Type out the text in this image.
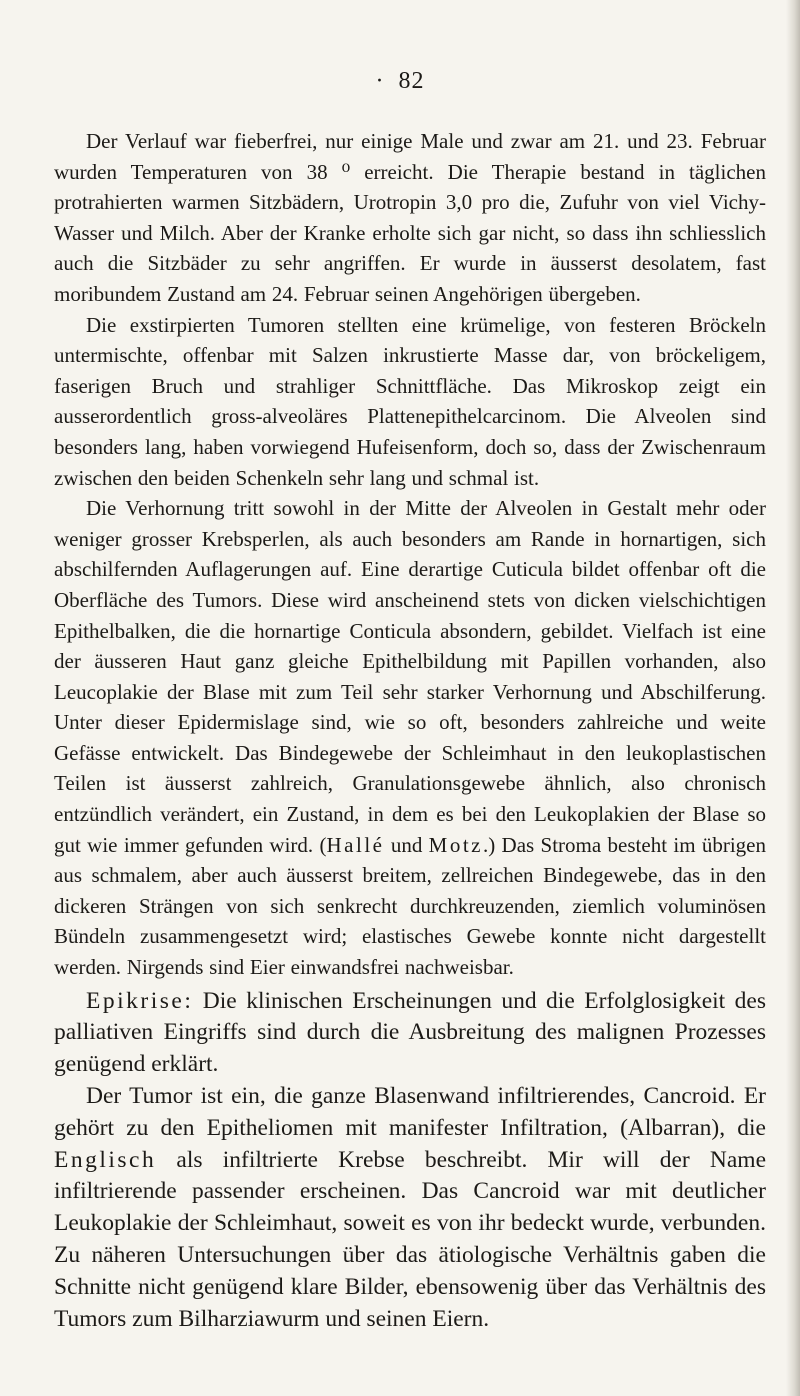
· 82

Der Verlauf war fieberfrei, nur einige Male und zwar am 21. und 23. Februar wurden Temperaturen von 38 ⁰ erreicht. Die Therapie bestand in täglichen protrahierten warmen Sitzbädern, Urotropin 3,0 pro die, Zufuhr von viel Vichy-Wasser und Milch. Aber der Kranke erholte sich gar nicht, so dass ihn schliesslich auch die Sitzbäder zu sehr angriffen. Er wurde in äusserst desolatem, fast moribundem Zustand am 24. Februar seinen Angehörigen übergeben.

Die exstirpierten Tumoren stellten eine krümelige, von festeren Bröckeln untermischte, offenbar mit Salzen inkrustierte Masse dar, von bröckeligem, faserigen Bruch und strahliger Schnittfläche. Das Mikroskop zeigt ein ausserordentlich gross-alveoläres Plattenepithelcarcinom. Die Alveolen sind besonders lang, haben vorwiegend Hufeisenform, doch so, dass der Zwischenraum zwischen den beiden Schenkeln sehr lang und schmal ist.

Die Verhornung tritt sowohl in der Mitte der Alveolen in Gestalt mehr oder weniger grosser Krebsperlen, als auch besonders am Rande in hornartigen, sich abschilfernden Auflagerungen auf. Eine derartige Cuticula bildet offenbar oft die Oberfläche des Tumors. Diese wird anscheinend stets von dicken vielschichtigen Epithelbalken, die die hornartige Conticula absondern, gebildet. Vielfach ist eine der äusseren Haut ganz gleiche Epithelbildung mit Papillen vorhanden, also Leucoplakie der Blase mit zum Teil sehr starker Verhornung und Abschilferung. Unter dieser Epidermislage sind, wie so oft, besonders zahlreiche und weite Gefässe entwickelt. Das Bindegewebe der Schleimhaut in den leukoplastischen Teilen ist äusserst zahlreich, Granulationsgewebe ähnlich, also chronisch entzündlich verändert, ein Zustand, in dem es bei den Leukoplakien der Blase so gut wie immer gefunden wird. (Hallé und Motz.) Das Stroma besteht im übrigen aus schmalem, aber auch äusserst breitem, zellreichen Bindegewebe, das in den dickeren Strängen von sich senkrecht durchkreuzenden, ziemlich voluminösen Bündeln zusammengesetzt wird; elastisches Gewebe konnte nicht dargestellt werden. Nirgends sind Eier einwandsfrei nachweisbar.

Epikrise: Die klinischen Erscheinungen und die Erfolglosigkeit des palliativen Eingriffs sind durch die Ausbreitung des malignen Prozesses genügend erklärt.

Der Tumor ist ein, die ganze Blasenwand infiltrierendes, Cancroid. Er gehört zu den Epitheliomen mit manifester Infiltration, (Albarran), die Englisch als infiltrierte Krebse beschreibt. Mir will der Name infiltrierende passender erscheinen. Das Cancroid war mit deutlicher Leukoplakie der Schleimhaut, soweit es von ihr bedeckt wurde, verbunden. Zu näheren Untersuchungen über das ätiologische Verhältnis gaben die Schnitte nicht genügend klare Bilder, ebensowenig über das Verhältnis des Tumors zum Bilharziawurm und seinen Eiern.
